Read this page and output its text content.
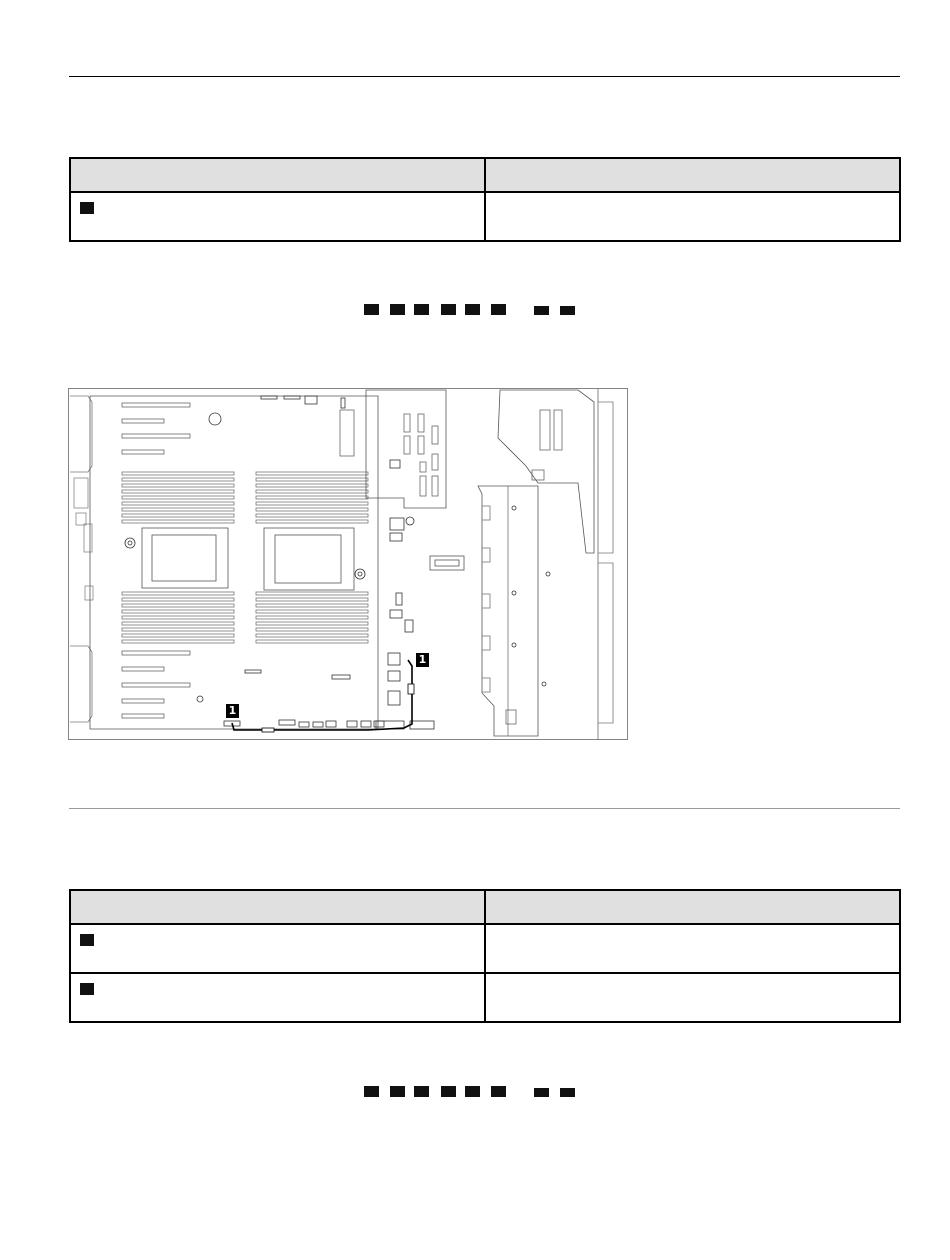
1
1
